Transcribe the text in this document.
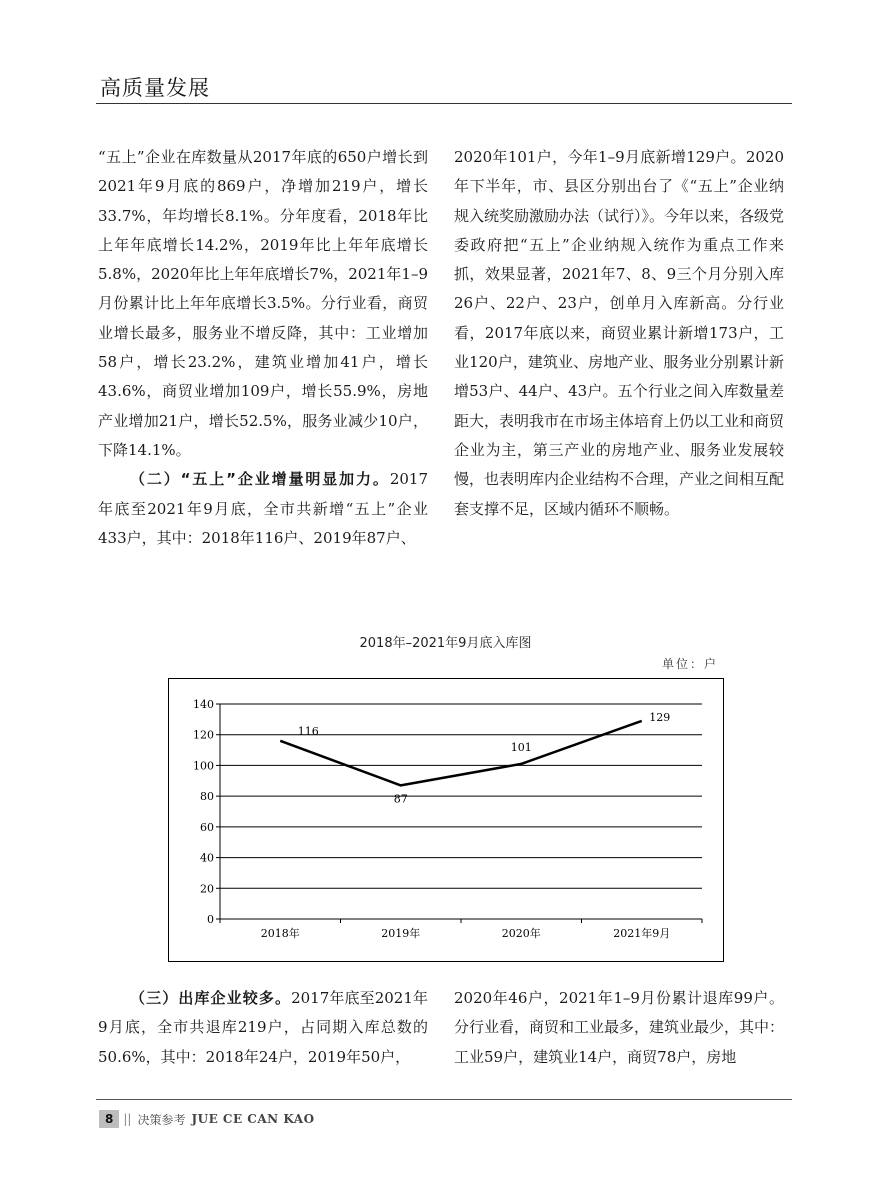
高质量发展

“五上”企业在库数量从2017年底的650户增长到2021年9月底的869户，净增加219户，增长33.7%，年均增长8.1%。分年度看，2018年比上年年底增长14.2%，2019年比上年年底增长5.8%，2020年比上年年底增长7%，2021年1–9月份累计比上年年底增长3.5%。分行业看，商贸业增长最多，服务业不增反降，其中：工业增加58户，增长23.2%，建筑业增加41户，增长43.6%，商贸业增加109户，增长55.9%，房地产业增加21户，增长52.5%，服务业减少10户，下降14.1%。

（二）“五上”企业增量明显加力。2017年底至2021年9月底，全市共新增“五上”企业433户，其中：2018年116户、2019年87户、

2020年101户，今年1–9月底新增129户。2020年下半年，市、县区分别出台了《“五上”企业纳规入统奖励激励办法（试行）》。今年以来，各级党委政府把“五上”企业纳规入统作为重点工作来抓，效果显著，2021年7、8、9三个月分别入库26户、22户、23户，创单月入库新高。分行业看，2017年底以来，商贸业累计新增173户，工业120户，建筑业、房地产业、服务业分别累计新增53户、44户、43户。五个行业之间入库数量差距大，表明我市在市场主体培育上仍以工业和商贸企业为主，第三产业的房地产业、服务业发展较慢，也表明库内企业结构不合理，产业之间相互配套支撑不足，区域内循环不顺畅。

2018年–2021年9月底入库图
单位：户
0
20
40
60
80
100
120
140
2018年	2019年	2020年	2021年9月
116
87
101
129

（三）出库企业较多。2017年底至2021年9月底，全市共退库219户，占同期入库总数的50.6%，其中：2018年24户，2019年50户，

2020年46户，2021年1–9月份累计退库99户。分行业看，商贸和工业最多，建筑业最少，其中：工业59户，建筑业14户，商贸78户，房地

8 || 决策参考 JUE CE CAN KAO
